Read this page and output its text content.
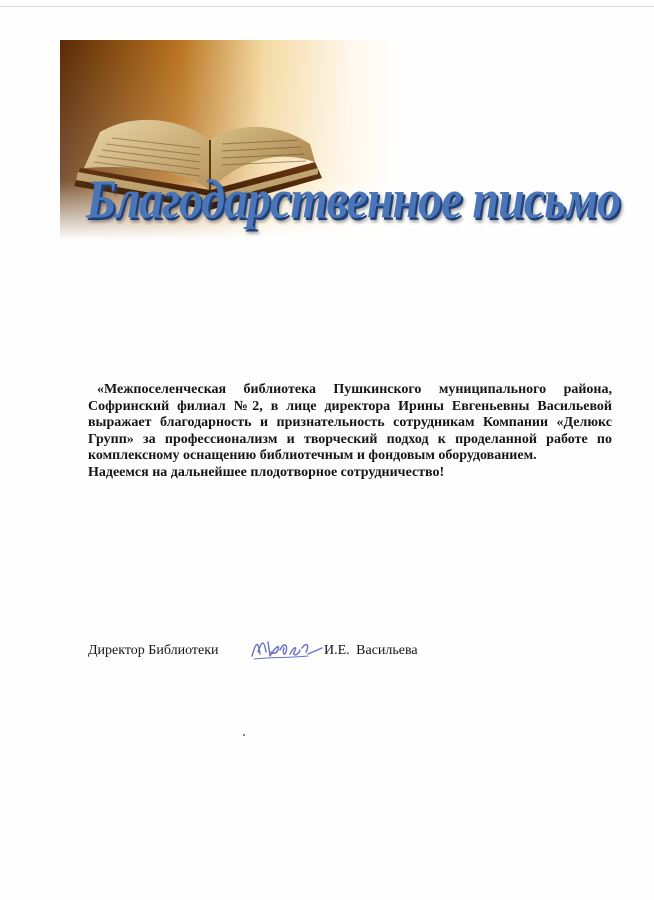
Благодарственное письмо

«Межпоселенческая библиотека Пушкинского муниципального района, Софринский филиал №2, в лице директора Ирины Евгеньевны Васильевой выражает благодарность и признательность сотрудникам Компании «Делюкс Групп» за профессионализм и творческий подход к проделанной работе по комплексному оснащению библиотечным и фондовым оборудованием.

Надеемся на дальнейшее плодотворное сотрудничество!

Директор Библиотеки	И.Е. Васильева
